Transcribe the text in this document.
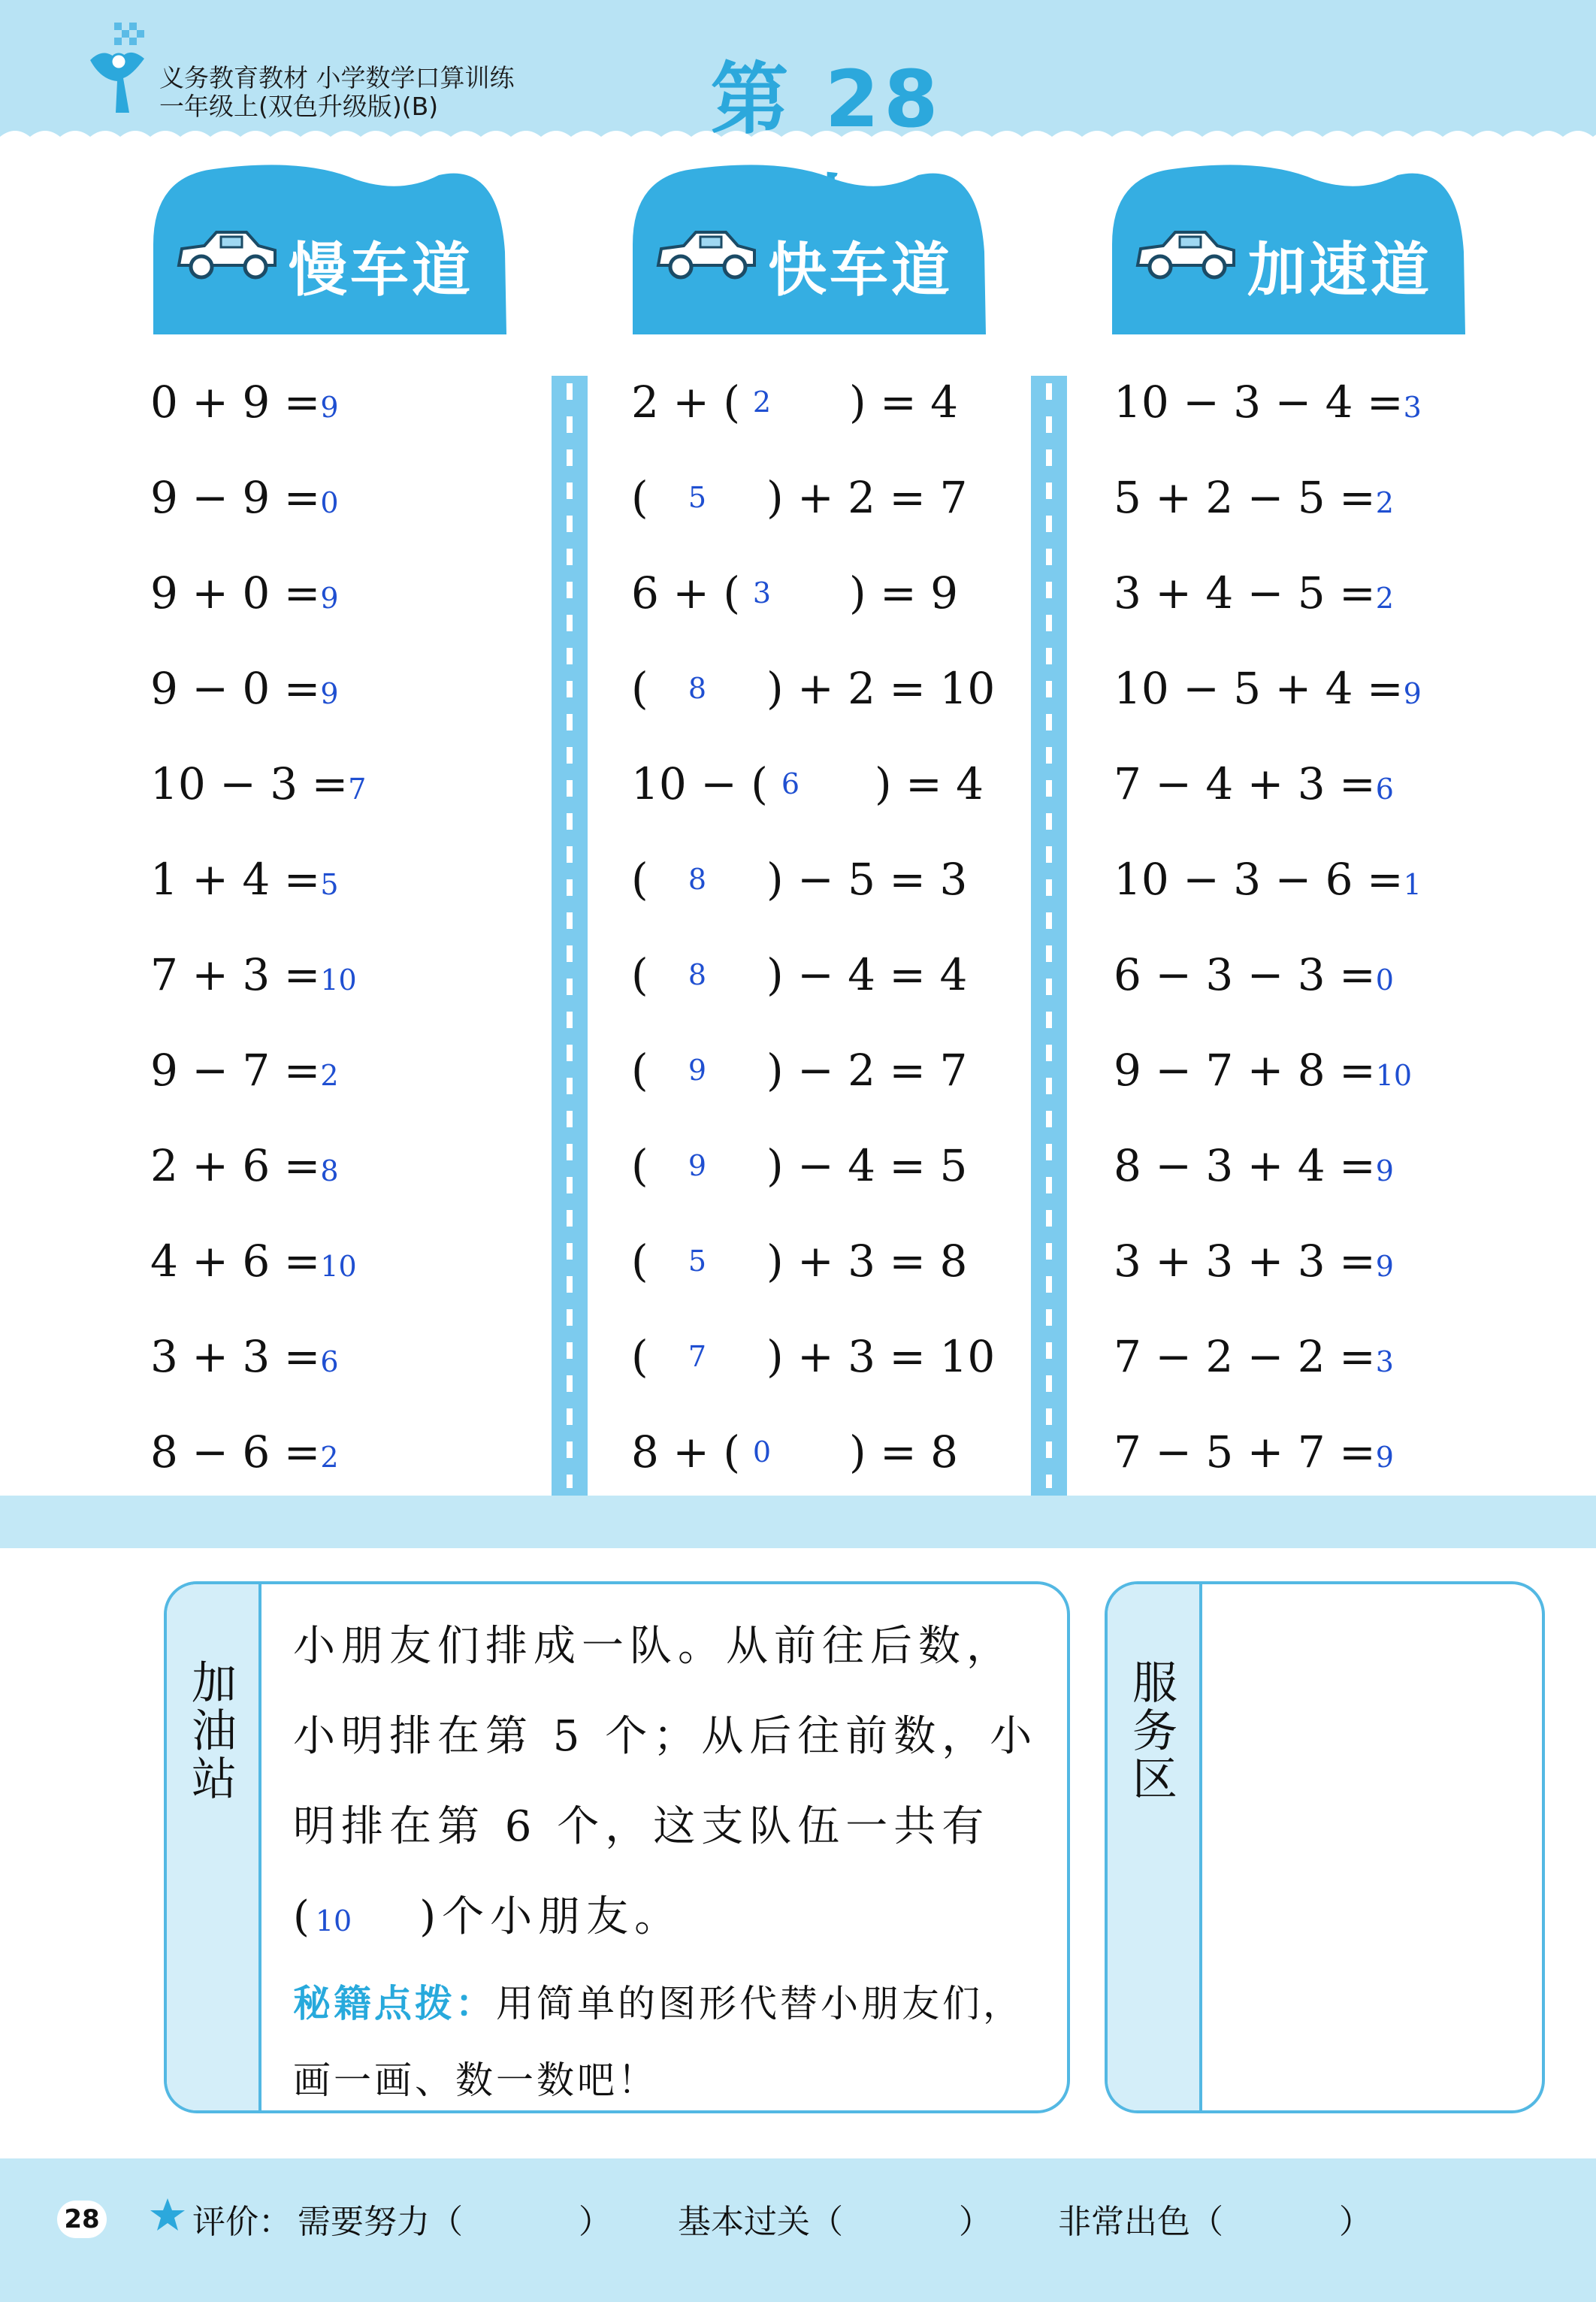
义务教育教材 小学数学口算训练
一年级上(双色升级版)(B)	第 28
慢车道	快车道	加速道
0 + 9 =9
9 − 9 =0
9 + 0 =9
9 − 0 =9
10 − 3 =7
1 + 4 =5
7 + 3 =10
9 − 7 =2
2 + 6 =8
4 + 6 =10
3 + 3 =6
8 − 6 =2
2 + ( 2	) = 4
(	5	) + 2 = 7
6 + ( 3	) = 9
(	8	) + 2 = 10
10 − ( 6	) = 4
(	8	) − 5 = 3
(	8	) − 4 = 4
(	9	) − 2 = 7
(	9	) − 4 = 5
(	5	) + 3 = 8
(	7	) + 3 = 10
8 + ( 0	) = 8
10 − 3 − 4 =3
5 + 2 − 5 =2
3 + 4 − 5 =2
10 − 5 + 4 =9
7 − 4 + 3 =6
10 − 3 − 6 =1
6 − 3 − 3 =0
9 − 7 + 8 =10
8 − 3 + 4 =9
3 + 3 + 3 =9
7 − 2 − 2 =3
7 − 5 + 7 =9
加
油
站
小朋友们排成一队。从前往后数，
小明排在第 5 个；从后往前数，小
明排在第 6 个，这支队伍一共有
(10 )个小朋友。
秘籍点拨：用简单的图形代替小朋友们，
画一画、数一数吧！
服
务
区
28	评价： 需要努力（	） 基本过关（	） 非常出色（	）
